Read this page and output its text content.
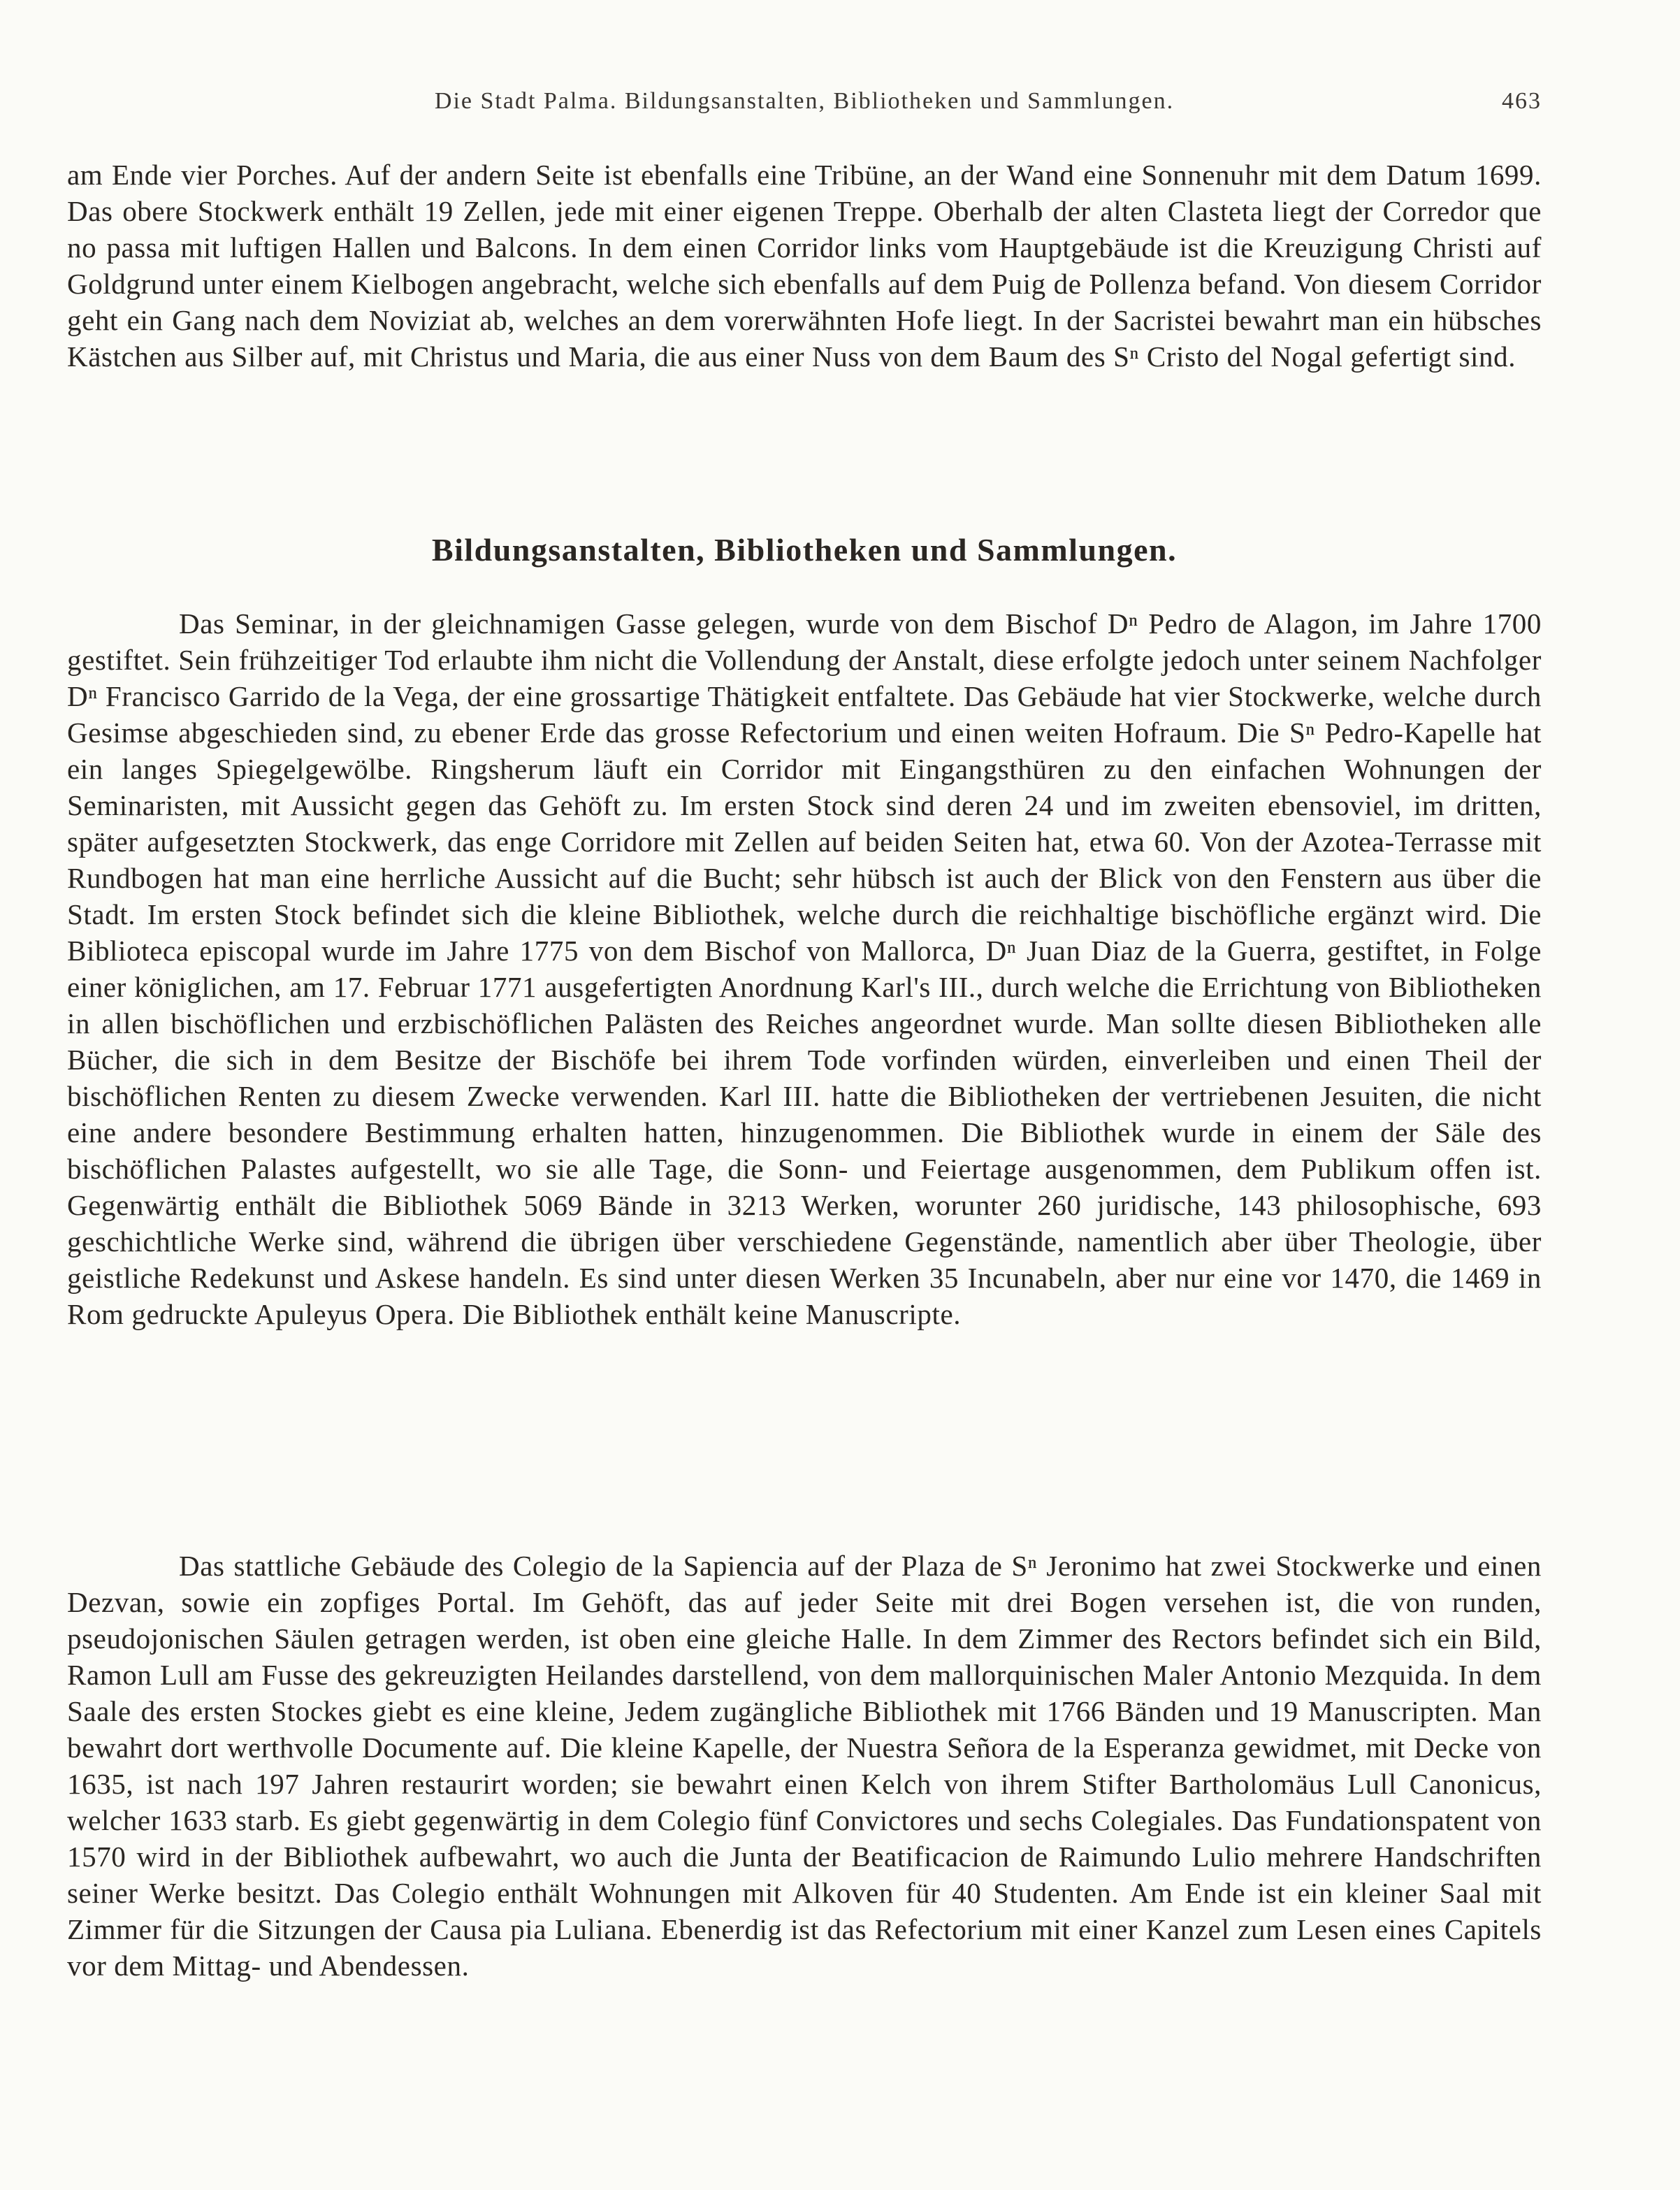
Die Stadt Palma. Bildungsanstalten, Bibliotheken und Sammlungen.	463

am Ende vier Porches. Auf der andern Seite ist ebenfalls eine Tribüne, an der Wand eine Sonnenuhr mit dem Datum 1699. Das obere Stockwerk enthält 19 Zellen, jede mit einer eigenen Treppe. Oberhalb der alten Clasteta liegt der Corredor que no passa mit luftigen Hallen und Balcons. In dem einen Corridor links vom Hauptgebäude ist die Kreuzigung Christi auf Goldgrund unter einem Kielbogen angebracht, welche sich ebenfalls auf dem Puig de Pollenza befand. Von diesem Corridor geht ein Gang nach dem Noviziat ab, welches an dem vorerwähnten Hofe liegt. In der Sacristei bewahrt man ein hübsches Kästchen aus Silber auf, mit Christus und Maria, die aus einer Nuss von dem Baum des Sⁿ Cristo del Nogal gefertigt sind.

Bildungsanstalten, Bibliotheken und Sammlungen.

Das Seminar, in der gleichnamigen Gasse gelegen, wurde von dem Bischof Dⁿ Pedro de Alagon, im Jahre 1700 gestiftet. Sein frühzeitiger Tod erlaubte ihm nicht die Vollendung der Anstalt, diese erfolgte jedoch unter seinem Nachfolger Dⁿ Francisco Garrido de la Vega, der eine grossartige Thätigkeit entfaltete. Das Gebäude hat vier Stockwerke, welche durch Gesimse abgeschieden sind, zu ebener Erde das grosse Refectorium und einen weiten Hofraum. Die Sⁿ Pedro-Kapelle hat ein langes Spiegelgewölbe. Ringsherum läuft ein Corridor mit Eingangsthüren zu den einfachen Wohnungen der Seminaristen, mit Aussicht gegen das Gehöft zu. Im ersten Stock sind deren 24 und im zweiten ebensoviel, im dritten, später aufgesetzten Stockwerk, das enge Corridore mit Zellen auf beiden Seiten hat, etwa 60. Von der Azotea-Terrasse mit Rundbogen hat man eine herrliche Aussicht auf die Bucht; sehr hübsch ist auch der Blick von den Fenstern aus über die Stadt. Im ersten Stock befindet sich die kleine Bibliothek, welche durch die reichhaltige bischöfliche ergänzt wird. Die Biblioteca episcopal wurde im Jahre 1775 von dem Bischof von Mallorca, Dⁿ Juan Diaz de la Guerra, gestiftet, in Folge einer königlichen, am 17. Februar 1771 ausgefertigten Anordnung Karl's III., durch welche die Errichtung von Bibliotheken in allen bischöflichen und erzbischöflichen Palästen des Reiches angeordnet wurde. Man sollte diesen Bibliotheken alle Bücher, die sich in dem Besitze der Bischöfe bei ihrem Tode vorfinden würden, einverleiben und einen Theil der bischöflichen Renten zu diesem Zwecke verwenden. Karl III. hatte die Bibliotheken der vertriebenen Jesuiten, die nicht eine andere besondere Bestimmung erhalten hatten, hinzugenommen. Die Bibliothek wurde in einem der Säle des bischöflichen Palastes aufgestellt, wo sie alle Tage, die Sonn- und Feiertage ausgenommen, dem Publikum offen ist. Gegenwärtig enthält die Bibliothek 5069 Bände in 3213 Werken, worunter 260 juridische, 143 philosophische, 693 geschichtliche Werke sind, während die übrigen über verschiedene Gegenstände, namentlich aber über Theologie, über geistliche Redekunst und Askese handeln. Es sind unter diesen Werken 35 Incunabeln, aber nur eine vor 1470, die 1469 in Rom gedruckte Apuleyus Opera. Die Bibliothek enthält keine Manuscripte.

Das stattliche Gebäude des Colegio de la Sapiencia auf der Plaza de Sⁿ Jeronimo hat zwei Stockwerke und einen Dezvan, sowie ein zopfiges Portal. Im Gehöft, das auf jeder Seite mit drei Bogen versehen ist, die von runden, pseudojonischen Säulen getragen werden, ist oben eine gleiche Halle. In dem Zimmer des Rectors befindet sich ein Bild, Ramon Lull am Fusse des gekreuzigten Heilandes darstellend, von dem mallorquinischen Maler Antonio Mezquida. In dem Saale des ersten Stockes giebt es eine kleine, Jedem zugängliche Bibliothek mit 1766 Bänden und 19 Manuscripten. Man bewahrt dort werthvolle Documente auf. Die kleine Kapelle, der Nuestra Señora de la Esperanza gewidmet, mit Decke von 1635, ist nach 197 Jahren restaurirt worden; sie bewahrt einen Kelch von ihrem Stifter Bartholomäus Lull Canonicus, welcher 1633 starb. Es giebt gegenwärtig in dem Colegio fünf Convictores und sechs Colegiales. Das Fundationspatent von 1570 wird in der Bibliothek aufbewahrt, wo auch die Junta der Beatificacion de Raimundo Lulio mehrere Handschriften seiner Werke besitzt. Das Colegio enthält Wohnungen mit Alkoven für 40 Studenten. Am Ende ist ein kleiner Saal mit Zimmer für die Sitzungen der Causa pia Luliana. Ebenerdig ist das Refectorium mit einer Kanzel zum Lesen eines Capitels vor dem Mittag- und Abendessen.
